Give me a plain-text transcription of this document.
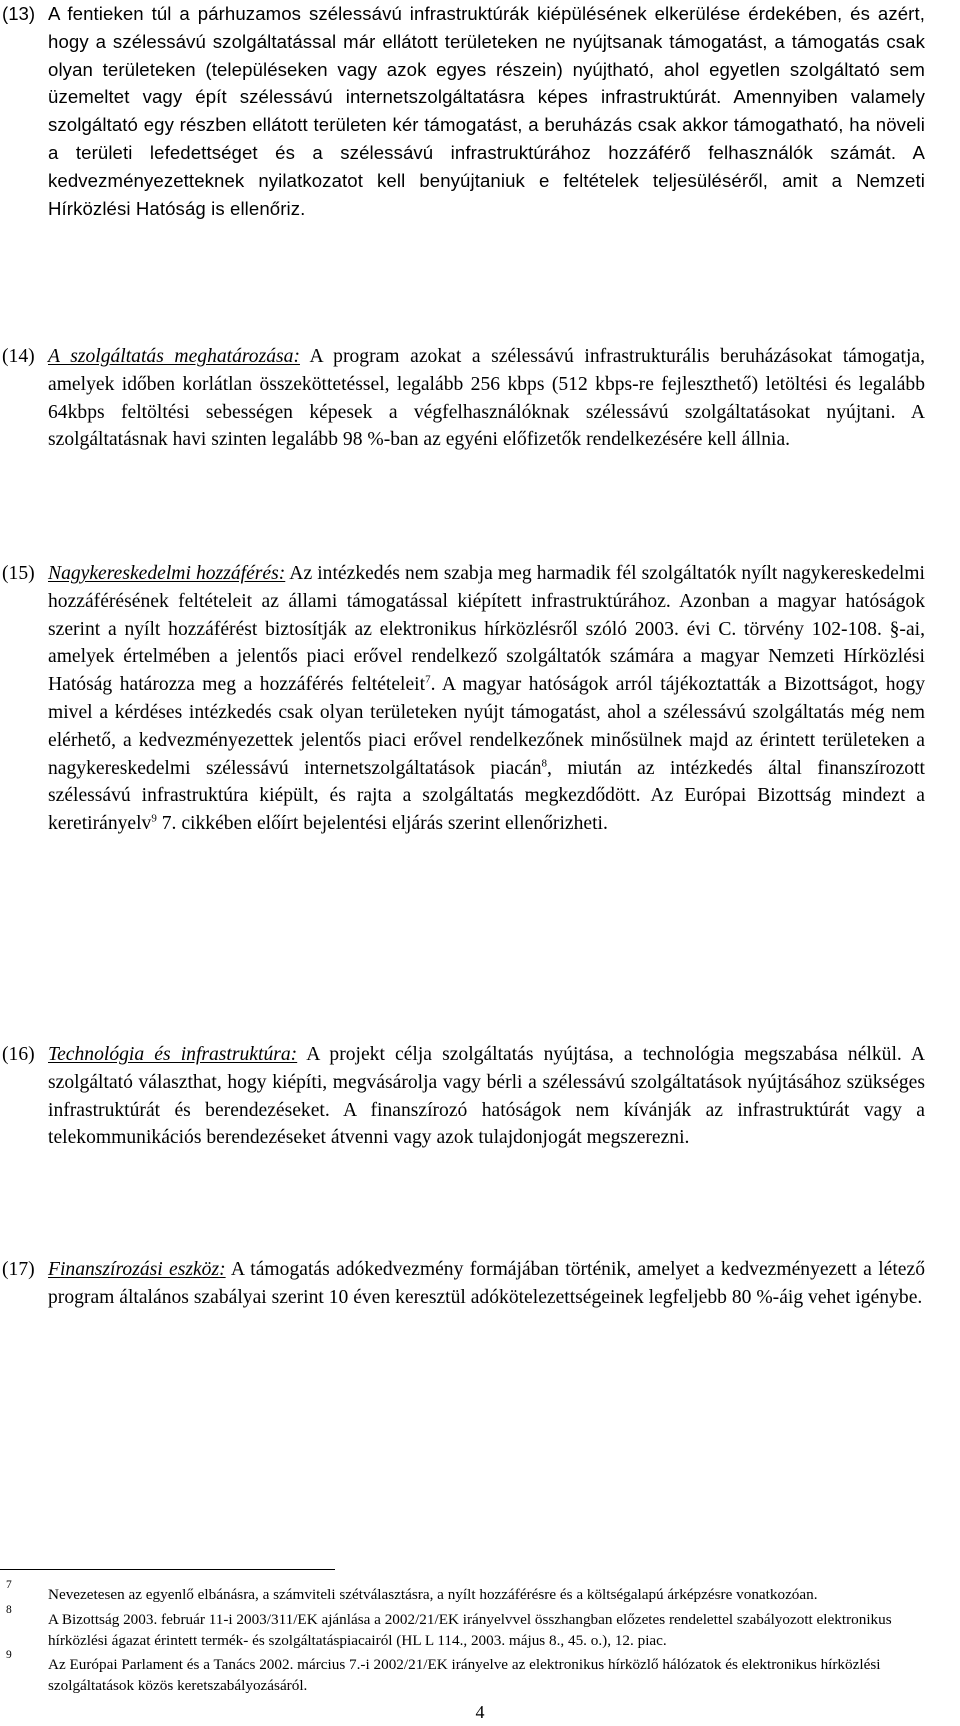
(13) A fentieken túl a párhuzamos szélessávú infrastruktúrák kiépülésének elkerülése érdekében, és azért, hogy a szélessávú szolgáltatással már ellátott területeken ne nyújtsanak támogatást, a támogatás csak olyan területeken (településeken vagy azok egyes részein) nyújtható, ahol egyetlen szolgáltató sem üzemeltet vagy épít szélessávú internetszolgáltatásra képes infrastruktúrát. Amennyiben valamely szolgáltató egy részben ellátott területen kér támogatást, a beruházás csak akkor támogatható, ha növeli a területi lefedettséget és a szélessávú infrastruktúrához hozzáférő felhasználók számát. A kedvezményezetteknek nyilatkozatot kell benyújtaniuk e feltételek teljesüléséről, amit a Nemzeti Hírközlési Hatóság is ellenőriz.
(14) A szolgáltatás meghatározása: A program azokat a szélessávú infrastrukturális beruházásokat támogatja, amelyek időben korlátlan összeköttetéssel, legalább 256 kbps (512 kbps-re fejleszthető) letöltési és legalább 64kbps feltöltési sebességen képesek a végfelhasználóknak szélessávú szolgáltatásokat nyújtani. A szolgáltatásnak havi szinten legalább 98 %-ban az egyéni előfizetők rendelkezésére kell állnia.
(15) Nagykereskedelmi hozzáférés: Az intézkedés nem szabja meg harmadik fél szolgáltatók nyílt nagykereskedelmi hozzáférésének feltételeit az állami támogatással kiépített infrastruktúrához. Azonban a magyar hatóságok szerint a nyílt hozzáférést biztosítják az elektronikus hírközlésről szóló 2003. évi C. törvény 102-108. §-ai, amelyek értelmében a jelentős piaci erővel rendelkező szolgáltatók számára a magyar Nemzeti Hírközlési Hatóság határozza meg a hozzáférés feltételeit$^7$. A magyar hatóságok arról tájékoztatták a Bizottságot, hogy mivel a kérdéses intézkedés csak olyan területeken nyújt támogatást, ahol a szélessávú szolgáltatás még nem elérhető, a kedvezményezettek jelentős piaci erővel rendelkezőnek minősülnek majd az érintett területeken a nagykereskedelmi szélessávú internetszolgáltatások piacán$^8$, miután az intézkedés által finanszírozott szélessávú infrastruktúra kiépült, és rajta a szolgáltatás megkezdődött. Az Európai Bizottság mindezt a keretirányelv$^9$ 7. cikkében előírt bejelentési eljárás szerint ellenőrizheti.
(16) Technológia és infrastruktúra: A projekt célja szolgáltatás nyújtása, a technológia megszabása nélkül. A szolgáltató választhat, hogy kiépíti, megvásárolja vagy bérli a szélessávú szolgáltatások nyújtásához szükséges infrastruktúrát és berendezéseket. A finanszírozó hatóságok nem kívánják az infrastruktúrát vagy a telekommunikációs berendezéseket átvenni vagy azok tulajdonjogát megszerezni.
(17) Finanszírozási eszköz: A támogatás adókedvezmény formájában történik, amelyet a kedvezményezett a létező program általános szabályai szerint 10 éven keresztül adókötelezettségeinek legfeljebb 80 %-áig vehet igénybe.
7
Nevezetesen az egyenlő elbánásra, a számviteli szétválasztásra, a nyílt hozzáférésre és a költségalapú árképzésre vonatkozóan.
8
A Bizottság 2003. február 11-i 2003/311/EK ajánlása a 2002/21/EK irányelvvel összhangban előzetes rendelettel szabályozott elektronikus hírközlési ágazat érintett termék- és szolgáltatáspiacairól (HL L 114., 2003. május 8., 45. o.), 12. piac.
9
Az Európai Parlament és a Tanács 2002. március 7.-i 2002/21/EK irányelve az elektronikus hírközlő hálózatok és elektronikus hírközlési szolgáltatások közös keretszabályozásáról.
4
